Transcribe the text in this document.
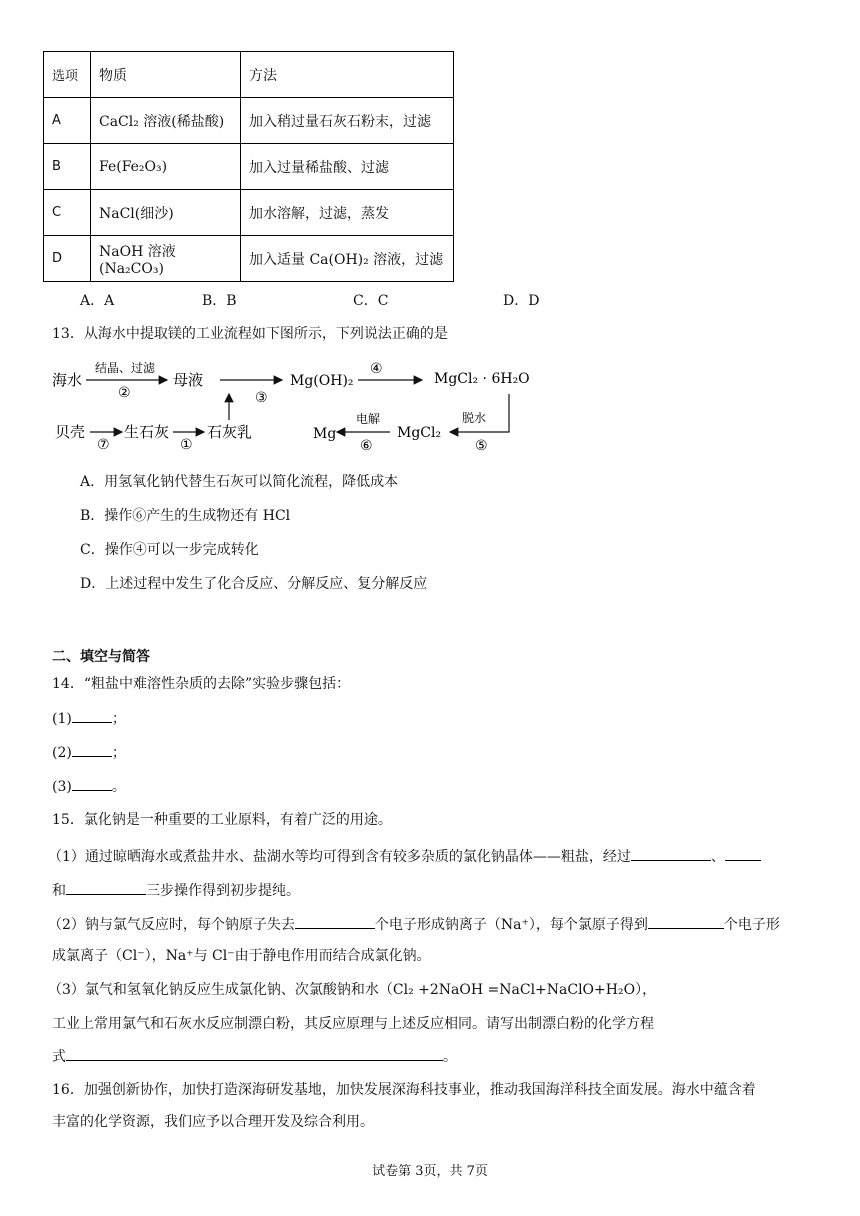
选项	物质	方法
A	CaCl₂ 溶液(稀盐酸)	加入稍过量石灰石粉末，过滤
B	Fe(Fe₂O₃)	加入过量稀盐酸、过滤
C	NaCl(细沙)	加水溶解，过滤，蒸发
D	NaOH 溶液(Na₂CO₃)	加入适量 Ca(OH)₂ 溶液，过滤
A．A	B．B	C．C	D．D
13．从海水中提取镁的工业流程如下图所示，下列说法正确的是
海水
结晶、过滤
②
母液
③
Mg(OH)₂
④
MgCl₂ · 6H₂O
脱水
⑤
MgCl₂
电解
⑥
Mg
贝壳
⑦
生石灰
①
石灰乳
A．用氢氧化钠代替生石灰可以简化流程，降低成本
B．操作⑥产生的生成物还有 HCl
C．操作④可以一步完成转化
D．上述过程中发生了化合反应、分解反应、复分解反应
二、填空与简答
14．“粗盐中难溶性杂质的去除”实验步骤包括：
(1)	；
(2)	；
(3)	。
15．氯化钠是一种重要的工业原料，有着广泛的用途。
（1）通过晾晒海水或煮盐井水、盐湖水等均可得到含有较多杂质的氯化钠晶体——粗盐，经过	、
和	三步操作得到初步提纯。
（2）钠与氯气反应时，每个钠原子失去	个电子形成钠离子（Na⁺），每个氯原子得到	个电子形
成氯离子（Cl⁻），Na⁺与 Cl⁻由于静电作用而结合成氯化钠。
（3）氯气和氢氧化钠反应生成氯化钠、次氯酸钠和水（Cl₂ +2NaOH =NaCl+NaClO+H₂O），
工业上常用氯气和石灰水反应制漂白粉，其反应原理与上述反应相同。请写出制漂白粉的化学方程
式	。
16．加强创新协作，加快打造深海研发基地，加快发展深海科技事业，推动我国海洋科技全面发展。海水中蕴含着
丰富的化学资源，我们应予以合理开发及综合利用。
试卷第 3页，共 7页
